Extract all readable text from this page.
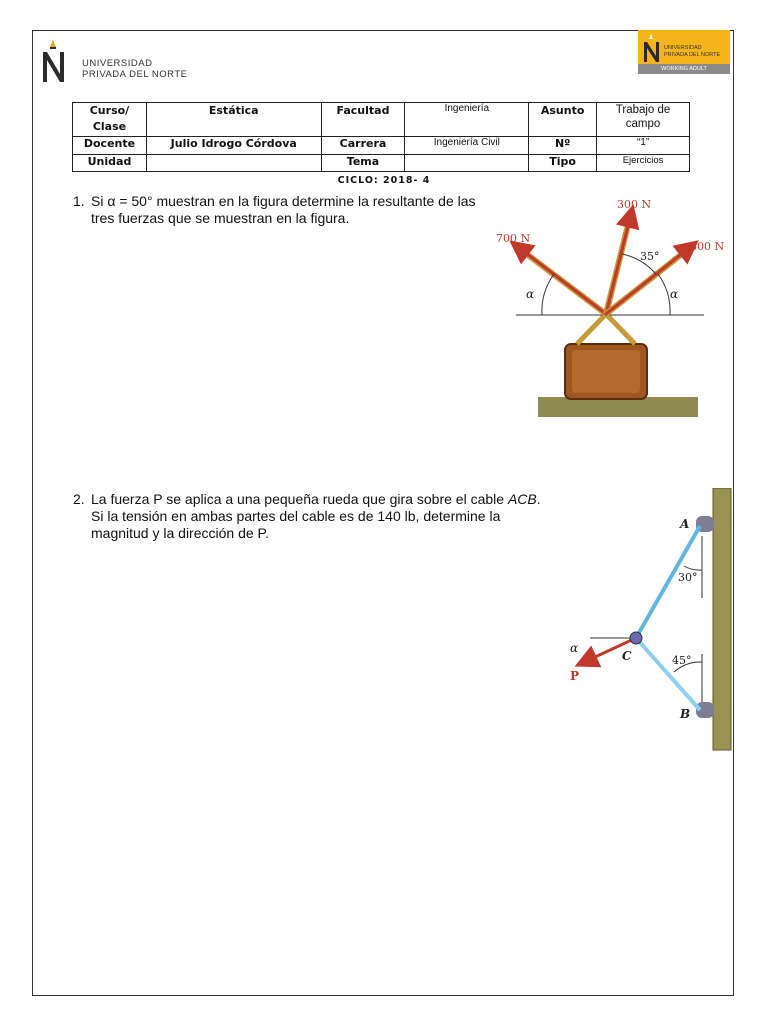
UNIVERSIDAD
PRIVADA DEL NORTE
UNIVERSIDAD
PRIVADA DEL NORTE
WORKING ADULT
Curso/ Clase	Estática	Facultad	Ingeniería	Asunto	Trabajo de campo
Docente	Julio Idrogo Córdova	Carrera	Ingeniería Civil	Nº	“1”
Unidad		Tema		Tipo	Ejercicios
CICLO: 2018- 4
1. Si α = 50° muestran en la figura determine la resultante de las tres fuerzas que se muestran en la figura.
300 N
700 N
600 N
35°
α	α
2. La fuerza P se aplica a una pequeña rueda que gira sobre el cable ACB. Si la tensión en ambas partes del cable es de 140 lb, determine la magnitud y la dirección de P.
A
B
C
P
α
30°
45°
